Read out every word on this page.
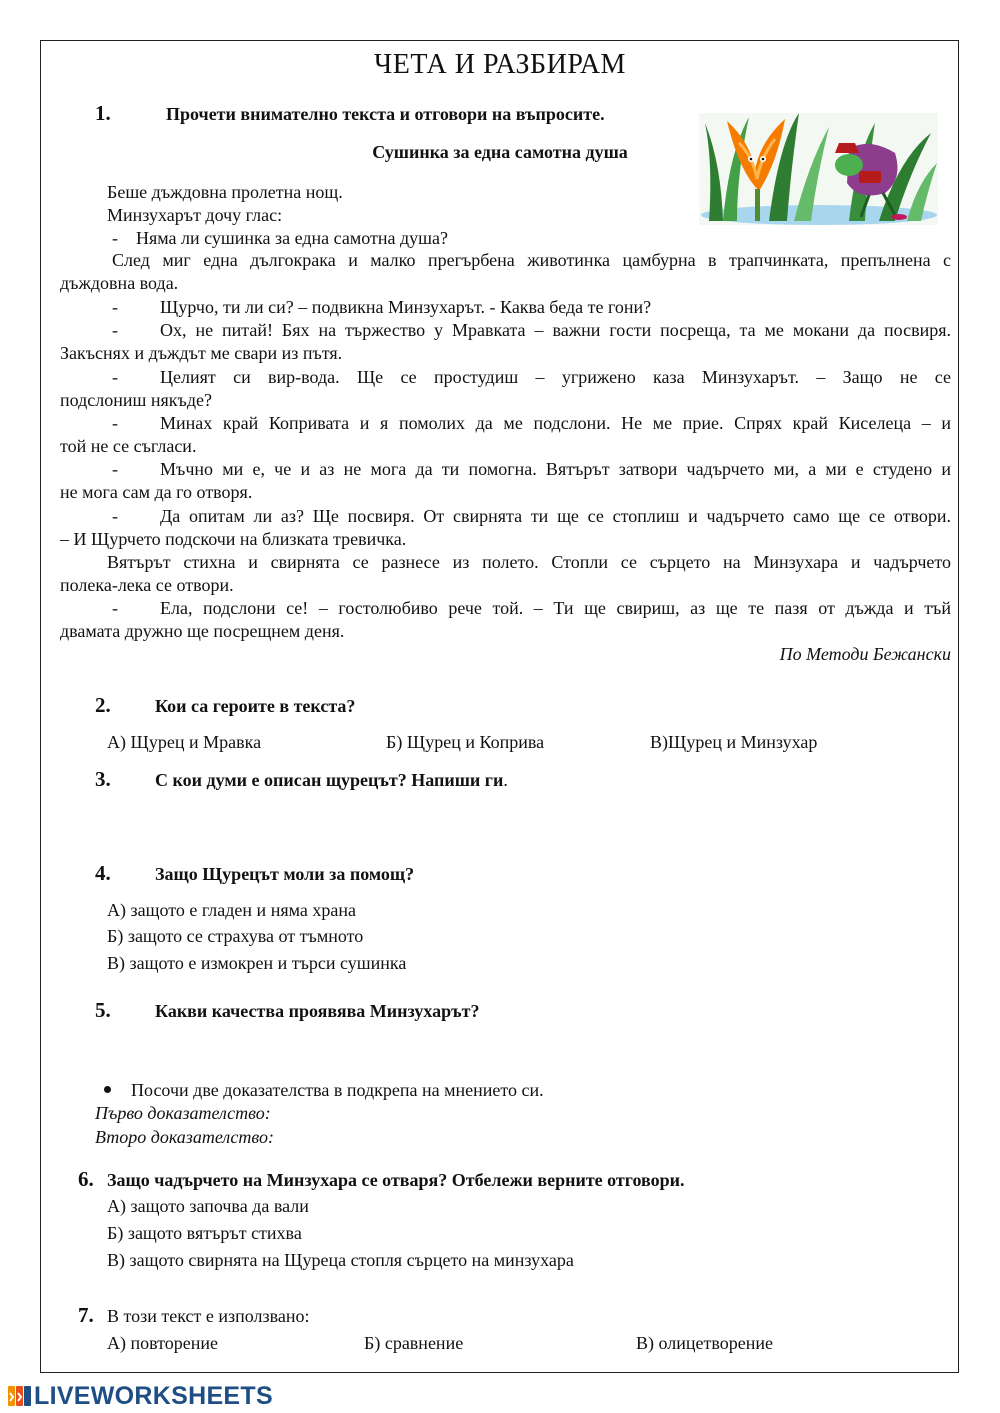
ЧЕТА И РАЗБИРАМ
1.	Прочети внимателно текста и отговори на въпросите.
Сушинка за една самотна душа
Беше дъждовна пролетна нощ.
Минзухарът дочу глас:
-    Няма ли сушинка за една самотна душа?
След миг една дългокрака и малко прегърбена животинка цамбурна в трапчинката, препълнена с
дъждовна вода.
- Щурчо, ти ли си? – подвикна Минзухарът. - Каква беда те гони?
- Ох, не питай! Бях на тържество у Мравката – важни гости посреща, та ме мокани да посвиря.
Закъснях и дъждът ме свари из пътя.
- Целият си вир-вода. Ще се простудиш – угрижено каза Минзухарът. – Защо не се
подслониш някъде?
- Минах край Копривата и я помолих да ме подслони. Не ме прие. Спрях край Киселеца – и
той не се съгласи.
- Мъчно ми е, че и аз не мога да ти помогна. Вятърът затвори чадърчето ми, а ми е студено и
не мога сам да го отворя.
- Да опитам ли аз? Ще посвиря. От свирнята ти ще се стоплиш и чадърчето само ще се отвори.
– И Щурчето подскочи на близката тревичка.
Вятърът стихна и свирнята се разнесе из полето. Стопли се сърцето на Минзухара и чадърчето
полека-лека се отвори.
- Ела, подслони се! – гостолюбиво рече той. – Ти ще свириш, аз ще те пазя от дъжда и тъй
двамата дружно ще посрещнем деня.
По Методи Бежански
2. Кои са героите в текста?
А) Щурец и Мравка	Б) Щурец и Коприва	В)Щурец и Минзухар
3. С кои думи е описан щурецът? Напиши ги.
4. Защо Щурецът моли за помощ?
А) защото е гладен и няма храна
Б) защото се страхува от тъмното
В) защото е измокрен и търси сушинка
5. Какви качества проявява Минзухарът?
Посочи две доказателства в подкрепа на мнението си.
Първо доказателство:
Второ доказателство:
6. Защо чадърчето на Минзухара се отваря? Отбележи верните отговори.
А) защото започва да вали
Б) защото вятърът стихва
В) защото свирнята на Щуреца стопля сърцето на минзухара
7. В този текст е използвано:
А) повторение	Б) сравнение	В) олицетворение
LIVEWORKSHEETS
